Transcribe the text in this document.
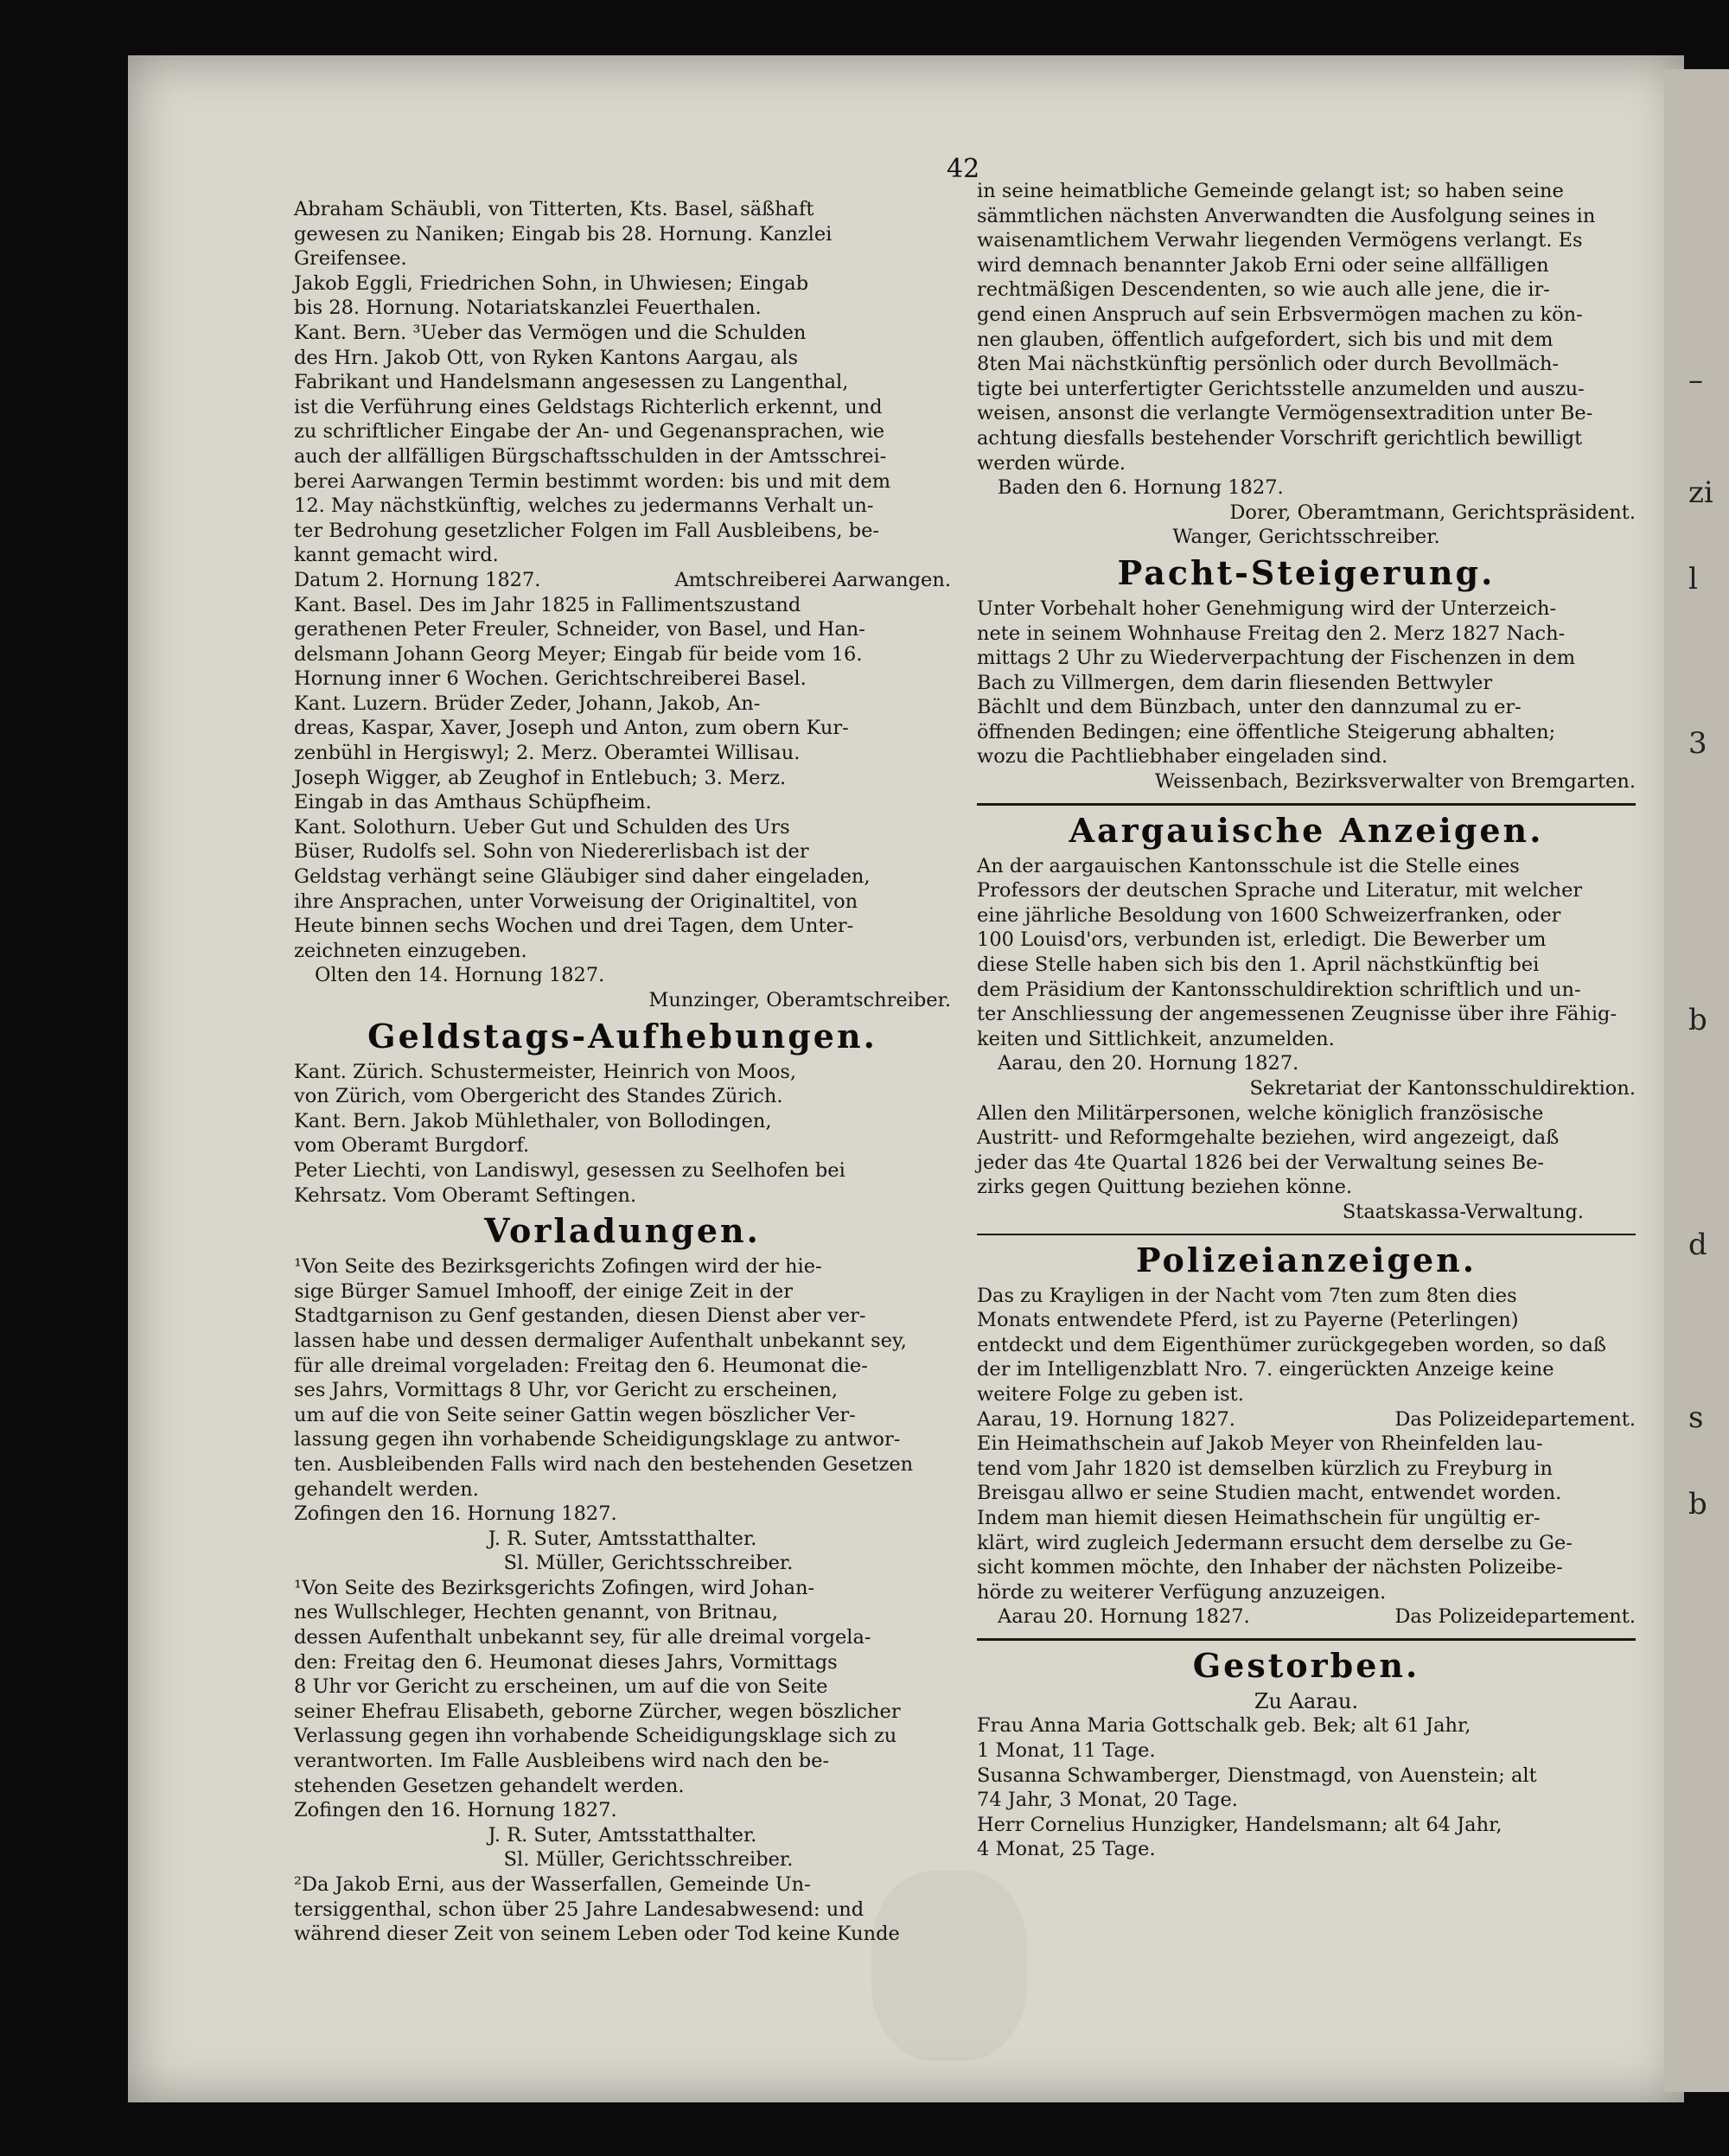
–
zi
l
3
b
d
s
b
42
Abraham Schäubli, von Titterten, Kts. Basel, säßhaft
gewesen zu Naniken; Eingab bis 28. Hornung. Kanzlei
Greifensee.
Jakob Eggli, Friedrichen Sohn, in Uhwiesen; Eingab
bis 28. Hornung. Notariatskanzlei Feuerthalen.
Kant. Bern. ³Ueber das Vermögen und die Schulden
des Hrn. Jakob Ott, von Ryken Kantons Aargau, als
Fabrikant und Handelsmann angesessen zu Langenthal,
ist die Verführung eines Geldstags Richterlich erkennt, und
zu schriftlicher Eingabe der An- und Gegenansprachen, wie
auch der allfälligen Bürgschaftsschulden in der Amtsschrei-
berei Aarwangen Termin bestimmt worden: bis und mit dem
12. May nächstkünftig, welches zu jedermanns Verhalt un-
ter Bedrohung gesetzlicher Folgen im Fall Ausbleibens, be-
kannt gemacht wird.
Datum 2. Hornung 1827.	Amtschreiberei Aarwangen.
Kant. Basel. Des im Jahr 1825 in Fallimentszustand
gerathenen Peter Freuler, Schneider, von Basel, und Han-
delsmann Johann Georg Meyer; Eingab für beide vom 16.
Hornung inner 6 Wochen. Gerichtschreiberei Basel.
Kant. Luzern. Brüder Zeder, Johann, Jakob, An-
dreas, Kaspar, Xaver, Joseph und Anton, zum obern Kur-
zenbühl in Hergiswyl; 2. Merz. Oberamtei Willisau.
Joseph Wigger, ab Zeughof in Entlebuch; 3. Merz.
Eingab in das Amthaus Schüpfheim.
Kant. Solothurn. Ueber Gut und Schulden des Urs
Büser, Rudolfs sel. Sohn von Niedererlisbach ist der
Geldstag verhängt seine Gläubiger sind daher eingeladen,
ihre Ansprachen, unter Vorweisung der Originaltitel, von
Heute binnen sechs Wochen und drei Tagen, dem Unter-
zeichneten einzugeben.
Olten den 14. Hornung 1827.
Munzinger, Oberamtschreiber.
Geldstags-Aufhebungen.
Kant. Zürich. Schustermeister, Heinrich von Moos,
von Zürich, vom Obergericht des Standes Zürich.
Kant. Bern. Jakob Mühlethaler, von Bollodingen,
vom Oberamt Burgdorf.
Peter Liechti, von Landiswyl, gesessen zu Seelhofen bei
Kehrsatz. Vom Oberamt Seftingen.
Vorladungen.
¹Von Seite des Bezirksgerichts Zofingen wird der hie-
sige Bürger Samuel Imhooff, der einige Zeit in der
Stadtgarnison zu Genf gestanden, diesen Dienst aber ver-
lassen habe und dessen dermaliger Aufenthalt unbekannt sey,
für alle dreimal vorgeladen: Freitag den 6. Heumonat die-
ses Jahrs, Vormittags 8 Uhr, vor Gericht zu erscheinen,
um auf die von Seite seiner Gattin wegen böszlicher Ver-
lassung gegen ihn vorhabende Scheidigungsklage zu antwor-
ten. Ausbleibenden Falls wird nach den bestehenden Gesetzen
gehandelt werden.
Zofingen den 16. Hornung 1827.
J. R. Suter, Amtsstatthalter.
Sl. Müller, Gerichtsschreiber.
¹Von Seite des Bezirksgerichts Zofingen, wird Johan-
nes Wullschleger, Hechten genannt, von Britnau,
dessen Aufenthalt unbekannt sey, für alle dreimal vorgela-
den: Freitag den 6. Heumonat dieses Jahrs, Vormittags
8 Uhr vor Gericht zu erscheinen, um auf die von Seite
seiner Ehefrau Elisabeth, geborne Zürcher, wegen böszlicher
Verlassung gegen ihn vorhabende Scheidigungsklage sich zu
verantworten. Im Falle Ausbleibens wird nach den be-
stehenden Gesetzen gehandelt werden.
Zofingen den 16. Hornung 1827.
J. R. Suter, Amtsstatthalter.
Sl. Müller, Gerichtsschreiber.
²Da Jakob Erni, aus der Wasserfallen, Gemeinde Un-
tersiggenthal, schon über 25 Jahre Landesabwesend: und
während dieser Zeit von seinem Leben oder Tod keine Kunde
in seine heimatbliche Gemeinde gelangt ist; so haben seine
sämmtlichen nächsten Anverwandten die Ausfolgung seines in
waisenamtlichem Verwahr liegenden Vermögens verlangt. Es
wird demnach benannter Jakob Erni oder seine allfälligen
rechtmäßigen Descendenten, so wie auch alle jene, die ir-
gend einen Anspruch auf sein Erbsvermögen machen zu kön-
nen glauben, öffentlich aufgefordert, sich bis und mit dem
8ten Mai nächstkünftig persönlich oder durch Bevollmäch-
tigte bei unterfertigter Gerichtsstelle anzumelden und auszu-
weisen, ansonst die verlangte Vermögensextradition unter Be-
achtung diesfalls bestehender Vorschrift gerichtlich bewilligt
werden würde.
Baden den 6. Hornung 1827.
Dorer, Oberamtmann, Gerichtspräsident.
Wanger, Gerichtsschreiber.
Pacht-Steigerung.
Unter Vorbehalt hoher Genehmigung wird der Unterzeich-
nete in seinem Wohnhause Freitag den 2. Merz 1827 Nach-
mittags 2 Uhr zu Wiederverpachtung der Fischenzen in dem
Bach zu Villmergen, dem darin fliesenden Bettwyler
Bächlt und dem Bünzbach, unter den dannzumal zu er-
öffnenden Bedingen; eine öffentliche Steigerung abhalten;
wozu die Pachtliebhaber eingeladen sind.
Weissenbach, Bezirksverwalter von Bremgarten.
Aargauische Anzeigen.
An der aargauischen Kantonsschule ist die Stelle eines
Professors der deutschen Sprache und Literatur, mit welcher
eine jährliche Besoldung von 1600 Schweizerfranken, oder
100 Louisd'ors, verbunden ist, erledigt. Die Bewerber um
diese Stelle haben sich bis den 1. April nächstkünftig bei
dem Präsidium der Kantonsschuldirektion schriftlich und un-
ter Anschliessung der angemessenen Zeugnisse über ihre Fähig-
keiten und Sittlichkeit, anzumelden.
Aarau, den 20. Hornung 1827.
Sekretariat der Kantonsschuldirektion.
Allen den Militärpersonen, welche königlich französische
Austritt- und Reformgehalte beziehen, wird angezeigt, daß
jeder das 4te Quartal 1826 bei der Verwaltung seines Be-
zirks gegen Quittung beziehen könne.
Staatskassa-Verwaltung.
Polizeianzeigen.
Das zu Krayligen in der Nacht vom 7ten zum 8ten dies
Monats entwendete Pferd, ist zu Payerne (Peterlingen)
entdeckt und dem Eigenthümer zurückgegeben worden, so daß
der im Intelligenzblatt Nro. 7. eingerückten Anzeige keine
weitere Folge zu geben ist.
Aarau, 19. Hornung 1827.	Das Polizeidepartement.
Ein Heimathschein auf Jakob Meyer von Rheinfelden lau-
tend vom Jahr 1820 ist demselben kürzlich zu Freyburg in
Breisgau allwo er seine Studien macht, entwendet worden.
Indem man hiemit diesen Heimathschein für ungültig er-
klärt, wird zugleich Jedermann ersucht dem derselbe zu Ge-
sicht kommen möchte, den Inhaber der nächsten Polizeibe-
hörde zu weiterer Verfügung anzuzeigen.
Aarau 20. Hornung 1827.	Das Polizeidepartement.
Gestorben.
Zu Aarau.
Frau Anna Maria Gottschalk geb. Bek; alt 61 Jahr,
1 Monat, 11 Tage.
Susanna Schwamberger, Dienstmagd, von Auenstein; alt
74 Jahr, 3 Monat, 20 Tage.
Herr Cornelius Hunzigker, Handelsmann; alt 64 Jahr,
4 Monat, 25 Tage.
